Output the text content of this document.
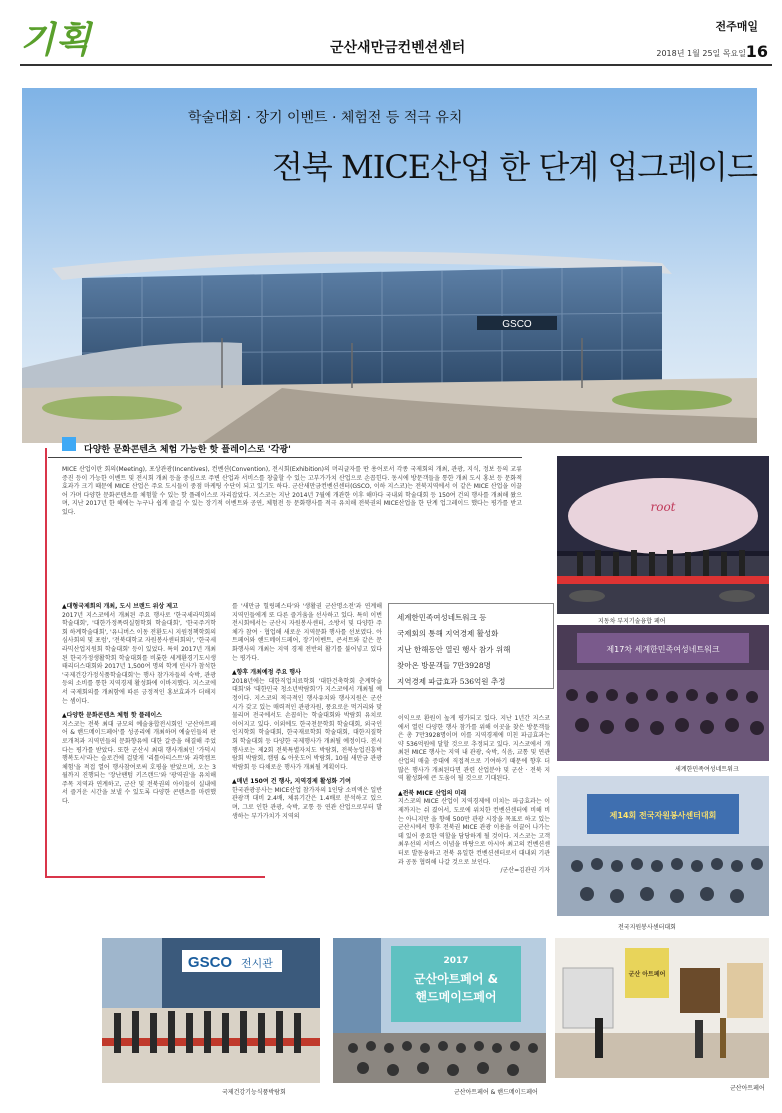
기획	군산새만금컨벤션센터
전주매일
2018년 1월 25일 목요일 16
GSCO
학술대회 · 장기 이벤트 · 체험전 등 적극 유치
전북 MICE산업 한 단계 업그레이드
다양한 문화콘텐츠 체험 가능한 핫 플레이스로 '각광'
MICE 산업이란 회의(Meeting), 포상관광(Incentives), 컨벤션(Convention), 전시회(Exhibition)의 머리글자를 딴 용어로서 각종 국제회의 개최, 관광, 지식, 정보 등의 교류증진 등이 가능한 이벤트 및 전시회 개최 등을 중심으로 주변 산업과 서비스를 창출할 수 있는 고부가가치 산업으로 손꼽힌다. 동시에 방문객들을 통한 개최 도시 홍보 등 문화적 효과가 크기 때문에 MICE 산업은 주요 도시들이 중점 마케팅 수단이 되고 있기도 하다. 군산새만금컨벤션센터(GSCO, 이하 지스코)는 전북지역에서 이 같은 MICE 산업을 이끌어 가며 다양한 문화콘텐츠를 체험할 수 있는 핫 플레이스로 자리잡았다. 지스코는 지난 2014년 7월에 개관한 이후 해마다 국내외 학술대회 등 150여 건의 행사를 개최해 왔으며, 지난 2017년 한 해에는 누구나 쉽게 즐길 수 있는 장기적 이벤트와 공연, 체험전 등 문화행사를 적극 유치해 전북권의 MICE산업을 한 단계 업그레이드 했다는 평가를 받고 있다.
▲대형국제회의 개최, 도시 브랜드 위상 제고
2017년 지스코에서 개최된 주요 행사로 '한국세라믹회의 학술대회', '대한가정폭력실험학회 학술대회', '한국주거학회 하계학술대회', '유니버스 이동 전환도시 지원정책학회의 심사회의 및 포럼', '전북대학교 자원봉사센터회의', '한국세라믹산업지원회 학술대회' 등이 있었다. 특히 2017년 개최된 한국가정생활학회 학술대회를 비롯한 세계환경기도시생태리더스대회와 2017년 1,500여 명의 학계 인사가 참석한 '국제건강가정식품학술대회'는 행사 참가자들의 숙박, 관광 등의 소비를 통한 지역경제 활성화에 이바지했다. 지스코에서 국제회의를 개최함에 따른 긍정적인 홍보효과가 더해지는 셈이다.
▲다양한 문화콘텐츠 체험 핫 플레이스
지스코는 전북 최대 규모의 예술융합전시회인 '군산아트페어 & 핸드메이드페어'를 성공리에 개최하며 예술인들의 판로개척과 지역민들의 문화향유에 대한 갈증을 해결해 주었다는 평가를 받았다. 또한 군산시 최대 행사개최인 '가덕시 행복도시'라는 슬로건에 걸맞게 '리틀아티스트'와 과학캠프 체험'을 적접 열어 행사참여로써 호평을 받았으며, 오는 3월까지 진행되는 '장난팬텀 키즈랜드'와 '광역권'을 유치해 주목 지역과 연계하고, 군산 및 전북권의 아이들이 실내에서 즐거운 시간을 보낼 수 있도록 다양한 콘텐츠를 마련했다.
를 '새만금 힐링페스타'와 '생활권 군산명소전'과 연계해 지역민들에게 또 다른 즐거움을 선사하고 있다. 특히 이번 전시회에서는 군산시 자원봉사센터, 소방서 및 다양한 주체가 참여 · 협업해 새로운 지역문화 행사를 선보였다. 아트페어와 핸드메이드페어, 장기이벤트, 콘서트와 같은 문화행사의 개최는 지역 경제 전반의 활기를 불어넣고 있다는 평가다.
▲향후 개최예정 주요 행사
2018년에는 대한직업치료학회 '대한건축학회 춘계학술대회'와 '대한민국 청소년박람회'가 지스코에서 개최될 예정이다. 지스코의 적극적인 행사유치와 행사지원은 군산시가 갖고 있는 매력적인 관광자원, 풍요로운 먹거리와 맞물리며 전국에서도 손꼽히는 학술대회와 박람회 유치로 이어지고 있다. 이외에도 한국천문학회 학술대회, 외국인인지학회 학술대회, 한국재료학회 학술대회, 대한지질학회 학술대회 등 다양한 국제행사가 개최될 예정이다. 전시행사로는 제2회 전북특별자치도 박람회, 전북농업진흥박람회 박람회, 캠핑 & 아웃도어 박람회, 10월 새만금 관광 박람회 등 다채로운 행사가 개최될 계획이다.
▲매년 150여 건 행사, 지역경제 활성화 기여
한국관광공사는 MICE산업 참가자의 1인당 소비액은 일반 관광객 대비 2.4배, 체류기간은 1.4배로 분석하고 있으며, 그로 인한 관광, 숙박, 교통 등 연관 산업으로부터 발생하는 부가가치가 지역의
세계한민족여성네트워크 등
국제회의 통해 지역경제 활성화
지난 한해동안 열린 행사 참가 위해
찾아온 방문객들 7만3928명
지역경제 파급효과 536억원 추정
이익으로 환원이 높게 평가되고 있다. 지난 1년간 지스코에서 열린 다양한 행사 참가를 위해 이곳을 찾은 방문객들은 총 7만3928명이며 이를 지역경제에 미친 파급효과는 약 536억원에 달할 것으로 추정되고 있다. 지스코에서 개최된 MICE 행사는 지역 내 관광, 숙박, 식음, 교통 및 연관 산업의 매출 증대에 직접적으로 기여하기 때문에 향후 더 많은 행사가 개최된다면 관련 산업분야 및 군산 · 전북 지역 활성화에 큰 도움이 될 것으로 기대된다.
▲전북 MICE 산업의 미래
지스코의 MICE 산업이 지역경제에 미치는 파급효과는 이제까지는 쉬 겼어서, 도로에 위치한 컨벤션센터에 비해 비는 아니지만 을 향해 500만 관광 시장을 목표로 하고 있는 군산시에서 향후 전북권 MICE 관광 이용을 이끌어 나가는데 있어 중요한 역할을 담당하게 될 것이다. 지스코는 고객최우선의 서비스 이념을 바탕으로 아시아 최고의 컨벤션센터로 발돋움하고 전북 유일한 컨벤션센터로서 대내외 기관과 공동 협력해 나갈 것으로 보인다.
/군산=김관권 기자
root
지동차 부지기술융합 페어
제17차 세계한민족여성네트워크
세계한민족여성네트워크
제14회 전국자원봉사센터대회
전국지원봉사센터대회
GSCO 전시관
국제건강기능식품박람회
2017
군산아트페어 &
핸드메이드페어
군산아트페어 & 핸드메이드페어
군산 아트페어
군산아트페어
